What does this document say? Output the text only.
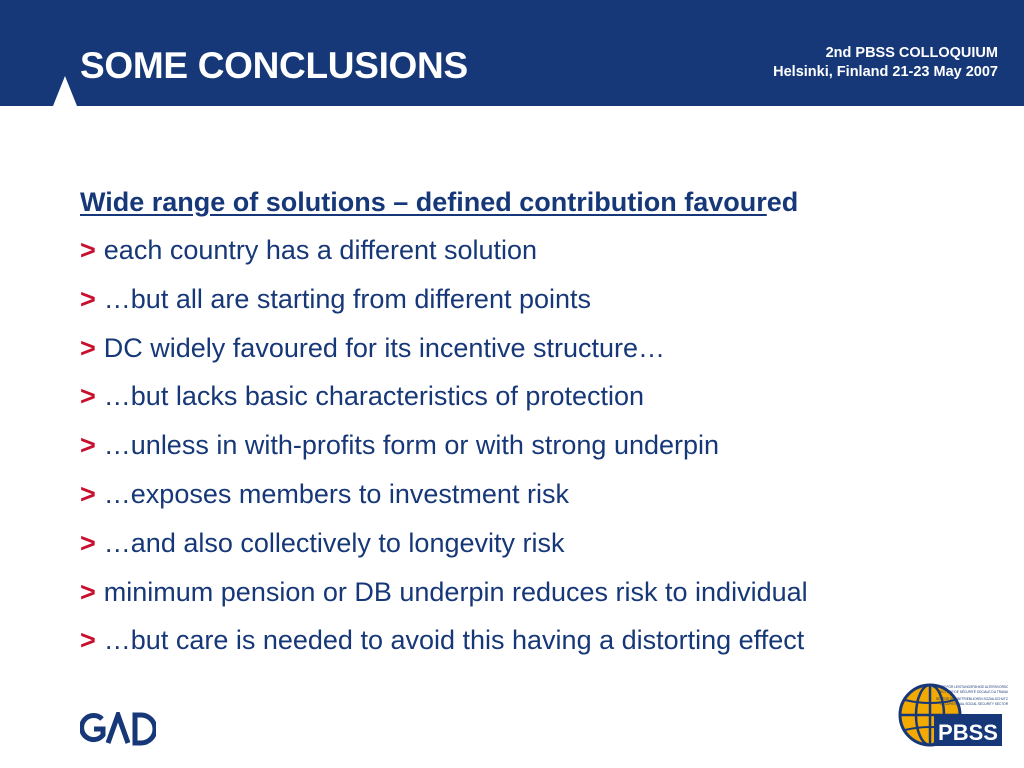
SOME CONCLUSIONS	2nd PBSS COLLOQUIUM
Helsinki, Finland 21-23 May 2007
Wide range of solutions – defined contribution favoured
> each country has a different solution
> …but all are starting from different points
> DC widely favoured for its incentive structure…
> …but lacks basic characteristics of protection
> …unless in with-profits form or with strong underpin
> …exposes members to investment risk
> …and also collectively to longevity risk
> minimum pension or DB underpin reduces risk to individual
> …but care is needed to avoid this having a distorting effect
PBSS
SEKTOR FOR LEISTUNGSFÄHIGE ALTERSVORSORGE
SECTEUR DE SÉCURITÉ SOCIALE DU TRAVAIL
SEKTOR DES BETRIEBLICHEN SOZIALSCHUTZES
OCCUPATIONAL SOCIAL SECURITY SECTOR
